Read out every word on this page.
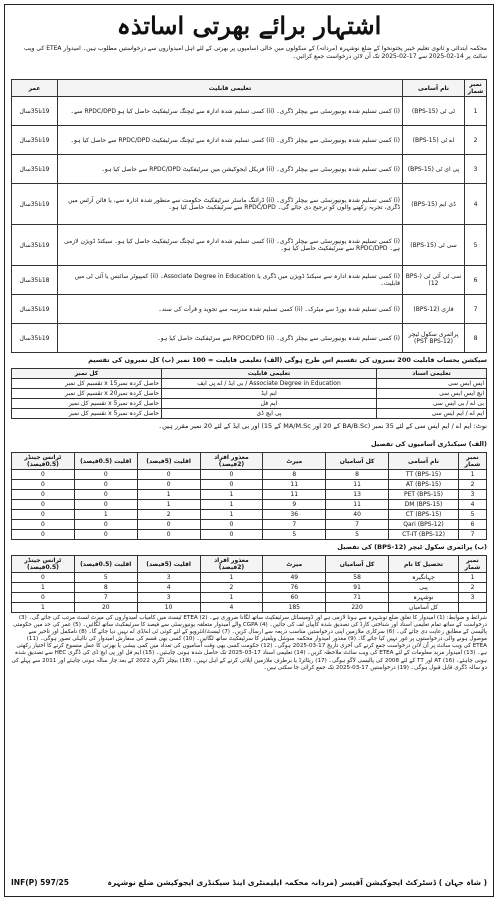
اشتہار برائے بھرتی اساتذہ
محکمہ ابتدائی و ثانوی تعلیم خیبر پختونخوا کے ضلع نوشہرہ (مردانہ) کے سکولوں میں خالی آسامیوں پر بھرتی کے لئے اہل امیدواروں سے درخواستیں مطلوب ہیں۔ امیدوار ETEA کی ویب سائٹ پر 14-02-2025 سے 17-02-2025 تک آن لائن درخواست جمع کرائیں۔
نمبر شمار	نام آسامی	تعلیمی قابلیت	عمر
1	ٹی ٹی (BPS-15)	(i) کسی تسلیم شدہ یونیورسٹی سے بیچلر ڈگری۔ (ii) کسی تسلیم شدہ ادارہ سے ٹیچنگ سرٹیفکیٹ حاصل کیا ہو RPDC/DPD سے۔	19تا35سال
2	اے ٹی (BPS-15)	(i) کسی تسلیم شدہ یونیورسٹی سے بیچلر ڈگری۔ (ii) کسی تسلیم شدہ ادارہ سے ٹیچنگ سرٹیفکیٹ RPDC/DPD سے حاصل کیا ہو۔	19تا35سال
3	پی ای ٹی (BPS-15)	(i) کسی تسلیم شدہ یونیورسٹی سے بیچلر ڈگری۔ (ii) فزیکل ایجوکیشن میں سرٹیفکیٹ RPDC/DPD سے حاصل کیا ہو۔	19تا35سال
4	ڈی ایم (BPS-15)	(i) کسی تسلیم شدہ یونیورسٹی سے بیچلر ڈگری۔ (ii) ڈرائنگ ماسٹر سرٹیفکیٹ حکومت سے منظور شدہ ادارہ سے، یا فائن آرٹس میں ڈگری، تجربہ رکھنے والوں کو ترجیح دی جائے گی۔ RPDC/DPD سے سرٹیفکیٹ حاصل کیا ہو۔	19تا35سال
5	سی ٹی (BPS-15)	(i) کسی تسلیم شدہ یونیورسٹی سے بیچلر ڈگری۔ (ii) کسی تسلیم شدہ ادارہ سے ٹیچنگ سرٹیفکیٹ حاصل کیا ہو۔ سیکنڈ ڈویژن لازمی ہے۔ RPDC/DPD سے سرٹیفکیٹ حاصل کیا ہو۔	19تا35سال
6	سی ٹی آئی ٹی (BPS-12)	(i) کسی تسلیم شدہ ادارہ سے سیکنڈ ڈویژن میں ڈگری یا Associate Degree in Education۔ (ii) کمپیوٹر سائنس یا آئی ٹی میں قابلیت۔	18تا35سال
7	قاری (BPS-12)	(i) کسی تسلیم شدہ بورڈ سے میٹرک۔ (ii) کسی تسلیم شدہ مدرسہ سے تجوید و قرأت کی سند۔	19تا35سال
8	پرائمری سکول ٹیچر (PST BPS-12)	(i) کسی تسلیم شدہ یونیورسٹی سے بیچلر ڈگری۔ (ii) RPDC/DPD سے سرٹیفکیٹ حاصل کیا ہو۔	19تا35سال
سیکشن بحساب قابلیت 200 نمبروں کی تقسیم اس طرح ہوگی (الف) تعلیمی قابلیت = 100 نمبر (ب) کل نمبروں کی تقسیم
تعلیمی اسناد	تعلیمی قابلیت	کل نمبر
ایس ایس سی	Associate Degree in Education / بی ایڈ / اے پی ایف	حاصل کردہ نمبرx 15 تقسیم کل نمبر
ایچ ایس ایس سی	ایم ایڈ	حاصل کردہ نمبرx 20 تقسیم کل نمبر
بی اے / بی ایس سی	ایم فل	حاصل کردہ نمبرx 5 تقسیم کل نمبر
ایم اے / ایم ایس سی	پی ایچ ڈی	حاصل کردہ نمبرx 5 تقسیم کل نمبر
نوٹ: ایم اے / ایم ایس سی کے لئے 35 نمبر (BA/B.Sc کے 20 اور MA/M.Sc کے 15) اور بی ایڈ کے لئے 20 نمبر مقرر ہیں۔
(الف) سیکنڈری آسامیوں کی تفصیل
نمبر شمار	نام آسامی	کل آسامیاں	میرٹ	معذور افراد (2فیصد)	اقلیت (5فیصد)	اقلیت (0.5فیصد)	ٹرانس جینڈر (0.5فیصد)
1	TT (BPS-15)	8	8	0	0	0	0
2	AT (BPS-15)	11	11	0	0	0	0
3	PET (BPS-15)	13	11	1	1	0	0
4	DM (BPS-15)	11	9	1	1	0	0
5	CT (BPS-15)	40	36	1	2	1	0
6	Qari (BPS-12)	7	7	0	0	0	0
7	CT-IT (BPS-12)	5	5	0	0	0	0
(ب) پرائمری سکول ٹیچر (BPS-12) کی تفصیل
نمبر شمار	تحصیل کا نام	کل آسامیاں	میرٹ	معذور افراد (2فیصد)	اقلیت (5فیصد)	اقلیت (0.5فیصد)	ٹرانس جینڈر (0.5فیصد)
1	جہانگیرہ	58	49	1	3	5	0
2	پبی	91	76	2	4	8	1
3	نوشہرہ	71	60	1	3	7	0
	کل آسامیاں	220	185	4	10	20	1
شرائط و ضوابط: (1) امیدوار کا تعلق ضلع نوشہرہ سے ہونا لازمی ہے اور ڈومیسائل سرٹیفکیٹ ساتھ لگانا ضروری ہے۔ (2) ETEA ٹیسٹ میں کامیاب امیدواروں کی میرٹ لسٹ مرتب کی جائے گی۔ (3) درخواست کے ساتھ تمام تعلیمی اسناد اور شناختی کارڈ کی تصدیق شدہ کاپیاں لف کی جائیں۔ (4) CGPA والے امیدوار متعلقہ یونیورسٹی سے فیصد کا سرٹیفکیٹ ساتھ لگائیں۔ (5) عمر کی حد میں حکومتی پالیسی کے مطابق رعایت دی جائے گی۔ (6) سرکاری ملازمین اپنی درخواستیں مناسب ذریعہ سے ارسال کریں۔ (7) ٹیسٹ/انٹرویو کے لئے کوئی ٹی اے/ڈی اے نہیں دیا جائے گا۔ (8) نامکمل اور تاخیر سے موصول ہونے والی درخواستوں پر غور نہیں کیا جائے گا۔ (9) معذور امیدوار محکمہ سوشل ویلفیئر کا سرٹیفکیٹ ساتھ لگائیں۔ (10) کسی بھی قسم کی سفارش امیدوار کی نااہلی تصور ہوگی۔ (11) ETEA کی ویب سائٹ پر آن لائن درخواست جمع کرنے کی آخری تاریخ 17-03-2025 ہوگی۔ (12) حکومت کسی بھی وقت آسامیوں کی تعداد میں کمی بیشی یا بھرتی کا عمل منسوخ کرنے کا اختیار رکھتی ہے۔ (13) امیدوار مزید معلومات کے لئے ETEA کی ویب سائٹ ملاحظہ کریں۔ (14) تعلیمی اسناد 17-03-2025 تک حاصل شدہ ہونی چاہئیں۔ (15) ایم فل اور پی ایچ ڈی کی ڈگری HEC سے تصدیق شدہ ہونی چاہئے۔ (16) AT اور TT کے لئے 2008 کی پالیسی لاگو ہوگی۔ (17) ریٹائرڈ یا برطرف ملازمین اپلائی کرنے کے اہل نہیں۔ (18) بیچلر ڈگری 2022 کے بعد چار سالہ ہونی چاہئے اور 2011 سے پہلے کی دو سالہ ڈگری قابل قبول ہوگی۔ (19) درخواستیں 17-03-2025 تک جمع کرائی جا سکتی ہیں۔
INF(P) 597/25	( شاہ جہان ) ڈسٹرکٹ ایجوکیشن آفیسر (مردانہ محکمہ ایلیمنٹری اینڈ سیکنڈری ایجوکیشن ضلع نوشہرہ
